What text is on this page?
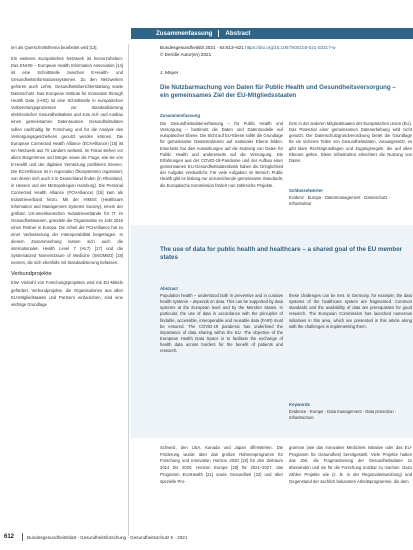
ten als Querschnittsthema bearbeitet wird [13].

Ein weiteres Europäisches Netzwerk ist hervorzuheben: Das ENHIS – European Health Information Association [14] ist eine Schnittstelle zwischen E-Health- und Gesundheitsinformationssystemen. Zu den Netzwerken gehören auch Lehre, Gesundheitsberichterstattung sowie Datenschutz. Das European Institute for Innovation through Health Data (i~HD) ist eine Schnittstelle in europäischen Vorbereitungsprozessen zur Standardisierung elektronischer Gesundheitsakten und zum Auf- und Ausbau eines gemeinsamen Datenraumes. Gesundheitsdaten sollen nachhaltig für Forschung und für die Analyse des Versorgungsgeschehens genutzt werden können. Die European Connected Health Alliance (ECHAlliance) [15] ist ein Netzwerk aus 70 Ländern weltweit. Im Fokus stehen vor allem Bürgerinnen und Bürger sowie die Frage, wie sie von E-Health und der digitalen Vernetzung profitieren können. Die ECHAlliance ist in regionalen Ökosystemen organisiert, von denen sich auch 3 in Deutschland finden (in Rheinland, in Hessen und der Metropolregion Hamburg). Die Personal Connected Health Alliance (PCHAlliance) [16] kam als Industrieverband hinzu. Mit der HIMSS (Healthcare Information and Management Systems Society), einem der größten US-amerikanischen Industrieverbände für IT im Gesundheitswesen, gründete die Organisation im Jahr 2016 einen Partner in Europa. Die Arbeit der PCHAlliance hat zu einer Verbesserung der Interoperabilität beigetragen. In diesem Zusammenhang lassen sich auch die internationalen Health Level 7 (HL7) [17] und die Systematized Nomenclature of Medicine (SNOMED) [18] nennen, die sich ebenfalls mit Standardisierung befassen.

Verbundprojekte

Eine Vielzahl von Forschungsprojekten wird mit EU-Mitteln gefördert. Verbundprojekte, die Organisationen aus allen EU-Mitgliedstaaten und Partnern einbeziehen, sind eine wichtige Grundlage

Zusammenfassung Abstract
Bundesgesundheitsbl 2021 · 64:613–621 https://doi.org/10.1007/s00103-021-03317-w
© Der/die Autor(en) 2021
J. Mayer
Die Nutzbarmachung von Daten für Public Health und Gesundheitsversorgung – ein gemeinsames Ziel der EU-Mitgliedsstaaten
Zusammenfassung
Die Gesundheitsdatenerfassung – für Public Health und Versorgung – bestimmt die Daten und Datenmodelle auf europäischer Ebene. Die Sicht auf EU-Ebene sollte die Grundlage für gemeinsame Datenstrukturen auf nationaler Ebene bilden. Einerseits hat dies Auswirkungen auf die Nutzung von Daten für Public Health und andererseits auf die Versorgung. Die Erfahrungen aus der COVID-19-Pandemie und der Aufbau einer gemeinsamen EU-Gesundheitsdatenbank haben die Dringlichkeit der Aufgabe verdeutlicht. Für viele Aufgaben im Bereich Public Health gibt es bislang nur unzureichende gemeinsame Standards; die Europäische Kommission fördert nun zahlreiche Projekte.
form in der anderen Mitgliedstaaten der Europäischen Union (EU). Das Potenzial einer gemeinsamen Datenerhebung wird nicht genutzt. Die Datenschutzgrundverordnung bietet die Grundlage für ein sicheres Teilen von Gesundheitsdaten, vorausgesetzt, es gibt klare Rechtsgrundlagen und Zugangsregeln, die auf allen Ebenen gelten. Diese Infrastruktur erleichtert die Nutzung von Daten.
Schlüsselwörter
Evidenz · Europa · Datenmanagement · Datenschutz · Infrastruktur
The use of data for public health and healthcare – a shared goal of the EU member states
Abstract
Population health – understood both in preventive and in curative health systems – depends on data. This can be supported by data systems at the European level and by the Member States. In particular, the use of data in accordance with the principles of findable, accessible, interoperable and reusable data (FAIR) must be ensured. The COVID-19 pandemic has underlined the importance of data sharing within the EU. The objective of the European Health Data Space is to facilitate the exchange of health data across borders for the benefit of patients and research.
these challenges can be met. In Germany, for example, the data systems of the healthcare system are fragmented. Common standards and the availability of data are prerequisites for good research. The European Commission has launched numerous initiatives in this area, which are presented in this article along with the challenges in implementing them.
Keywords
Evidence · Europe · Data management · Data protection · Infrastructure
Schweiz, den USA, Kanada und Japan offenstehen. Die Förderung wurde über das großen Rahmenprogramm für Forschung und Innovation Horizon 2020 [19] für den Zeitraum 2014 bis 2020, Horizon Europe [20] für 2021–2027, das Programm EU4Health [21] sowie Gesundheit [22] und über spezielle Pro-
gramme (wie das Innovative Medicines Initiative oder das EU-Programm für Gesundheit) bereitgestellt. Viele Projekte hatten das Ziel, die Fragmentierung der Gesundheitsdaten zu überwinden und sie für die Forschung nutzbar zu machen. Dazu zählen Projekte wie (z. B. in der Regionalentwicklung) und Gegenstand der sachlich bekannten Arbeitsprogramme, die dem
612	Bundesgesundheitsblatt - Gesundheitsforschung - Gesundheitsschutz 5 · 2021
